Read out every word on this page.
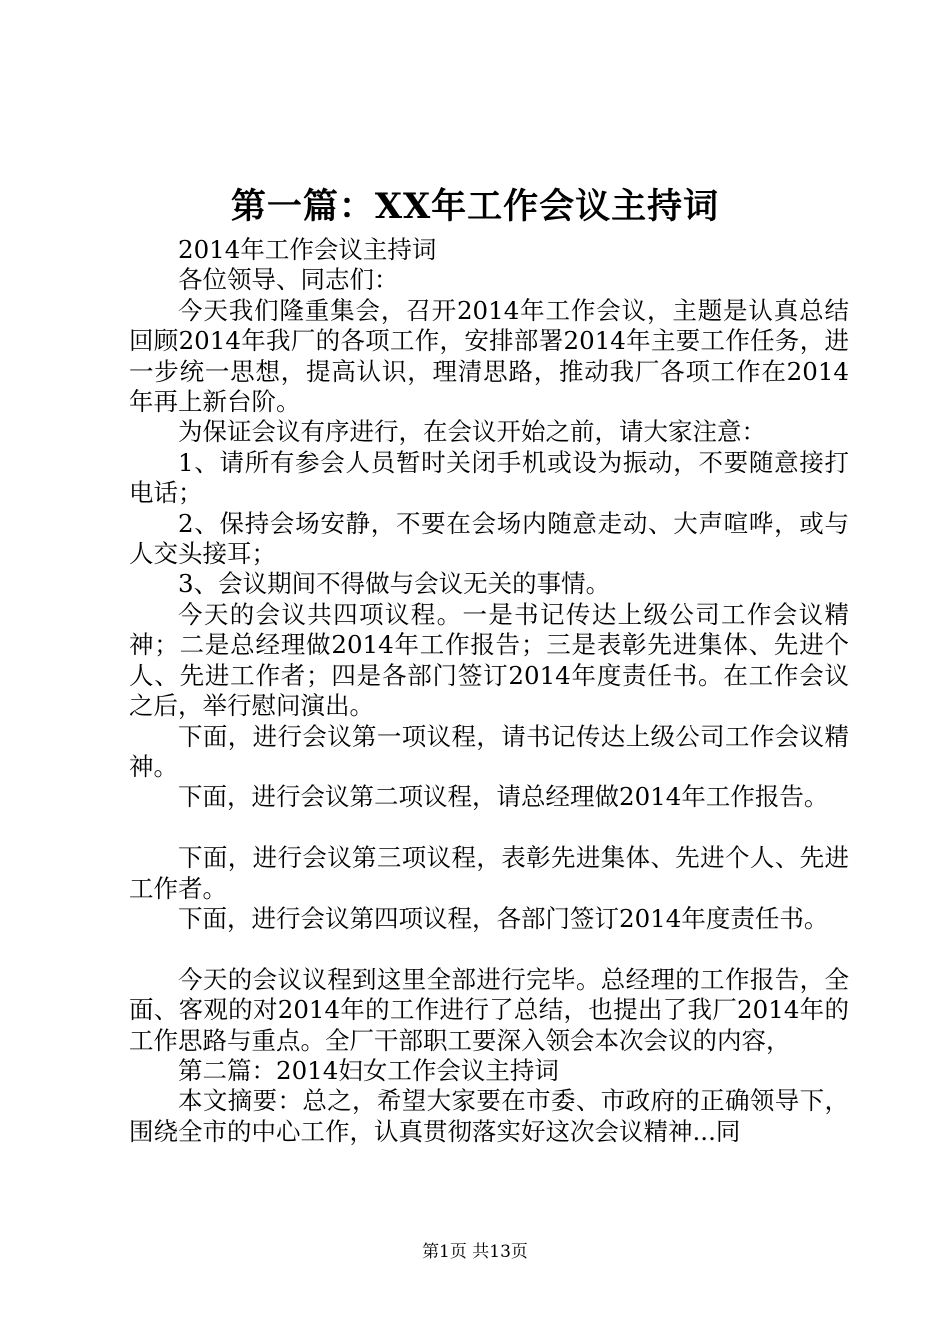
第一篇：XX年工作会议主持词

2014年工作会议主持词

各位领导、同志们：

今天我们隆重集会，召开2014年工作会议，主题是认真总结回顾2014年我厂的各项工作，安排部署2014年主要工作任务，进一步统一思想，提高认识，理清思路，推动我厂各项工作在2014年再上新台阶。

为保证会议有序进行，在会议开始之前，请大家注意：

1、请所有参会人员暂时关闭手机或设为振动，不要随意接打电话；

2、保持会场安静，不要在会场内随意走动、大声喧哗，或与人交头接耳；

3、会议期间不得做与会议无关的事情。

今天的会议共四项议程。一是书记传达上级公司工作会议精神；二是总经理做2014年工作报告；三是表彰先进集体、先进个人、先进工作者；四是各部门签订2014年度责任书。在工作会议之后，举行慰问演出。

下面，进行会议第一项议程，请书记传达上级公司工作会议精神。

下面，进行会议第二项议程，请总经理做2014年工作报告。

下面，进行会议第三项议程，表彰先进集体、先进个人、先进工作者。

下面，进行会议第四项议程，各部门签订2014年度责任书。

今天的会议议程到这里全部进行完毕。总经理的工作报告，全面、客观的对2014年的工作进行了总结，也提出了我厂2014年的工作思路与重点。全厂干部职工要深入领会本次会议的内容，

第二篇：2014妇女工作会议主持词

本文摘要：总之，希望大家要在市委、市政府的正确领导下，围绕全市的中心工作，认真贯彻落实好这次会议精神...同

第1页 共13页
